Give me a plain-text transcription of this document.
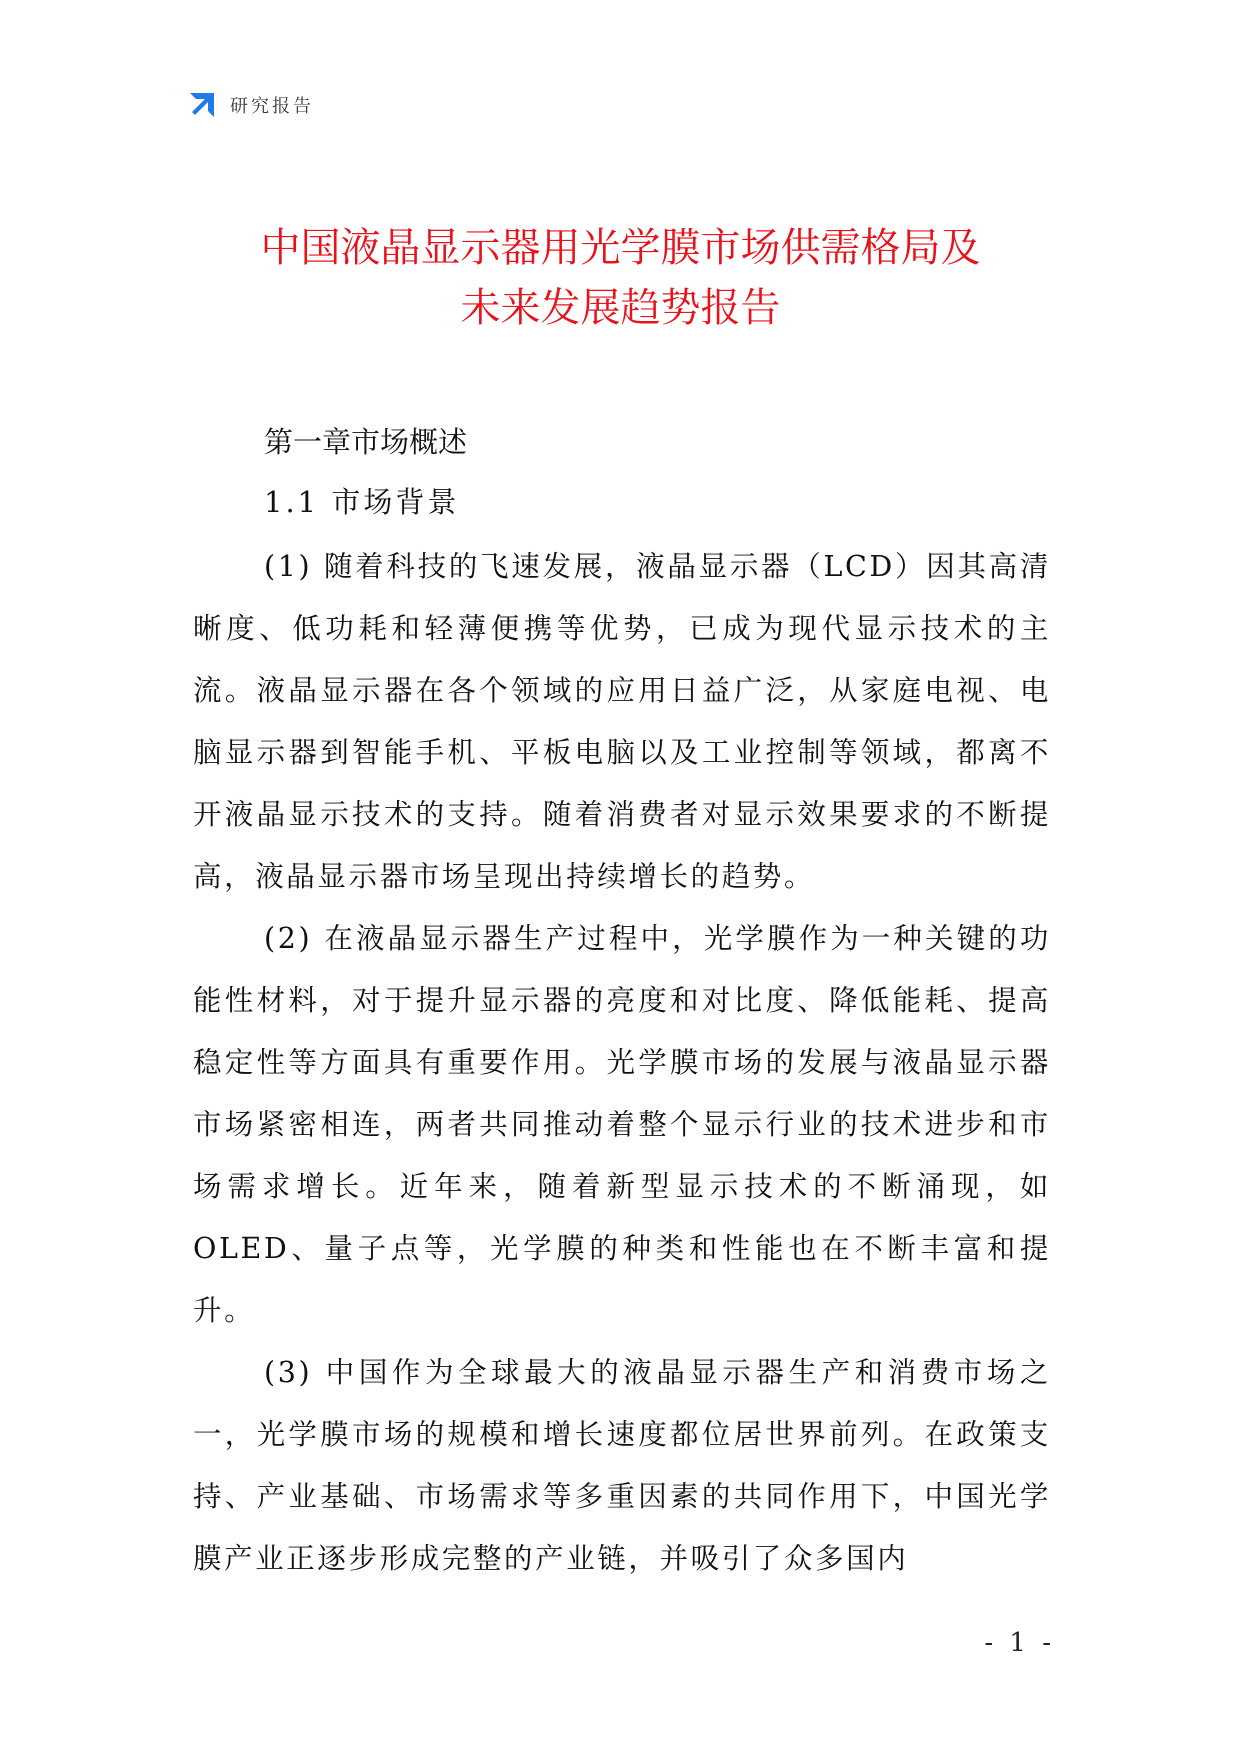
研究报告
中国液晶显示器用光学膜市场供需格局及
未来发展趋势报告
第一章市场概述
1.1 市场背景

(1) 随着科技的飞速发展，液晶显示器（LCD）因其高清晰度、低功耗和轻薄便携等优势，已成为现代显示技术的主流。液晶显示器在各个领域的应用日益广泛，从家庭电视、电脑显示器到智能手机、平板电脑以及工业控制等领域，都离不开液晶显示技术的支持。随着消费者对显示效果要求的不断提高，液晶显示器市场呈现出持续增长的趋势。

(2) 在液晶显示器生产过程中，光学膜作为一种关键的功能性材料，对于提升显示器的亮度和对比度、降低能耗、提高稳定性等方面具有重要作用。光学膜市场的发展与液晶显示器市场紧密相连，两者共同推动着整个显示行业的技术进步和市场需求增长。近年来，随着新型显示技术的不断涌现，如OLED、量子点等，光学膜的种类和性能也在不断丰富和提升。

(3) 中国作为全球最大的液晶显示器生产和消费市场之一，光学膜市场的规模和增长速度都位居世界前列。在政策支持、产业基础、市场需求等多重因素的共同作用下，中国光学膜产业正逐步形成完整的产业链，并吸引了众多国内

- 1 -
